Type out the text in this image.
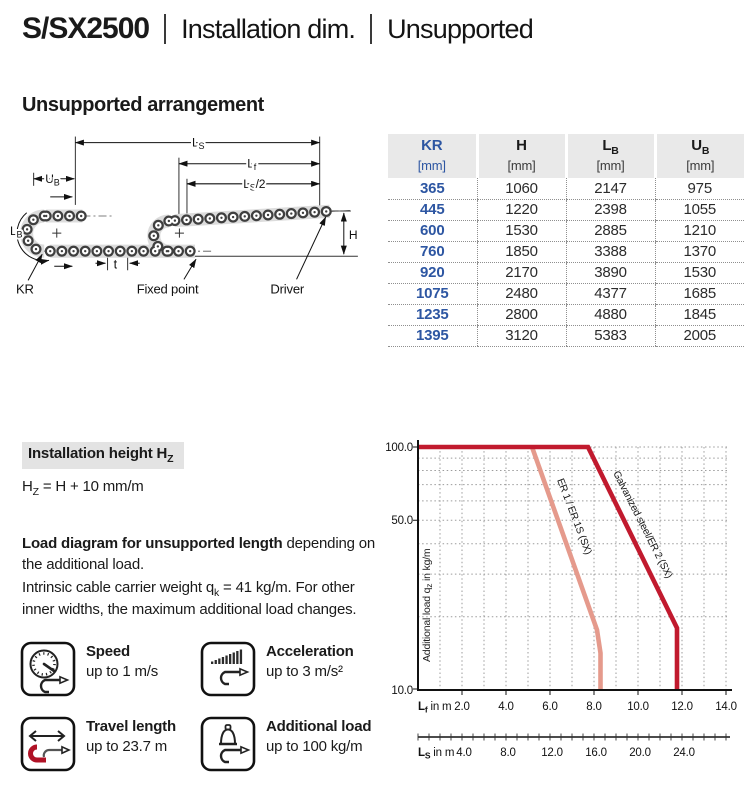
S/SX2500 Installation dim. Unsupported
Unsupported arrangement
$L_S$
$L_f$
$L_S/2$
$U_B$
$L_B$	H
KR
t
Fixed point	Driver
KR
[mm]

H
[mm]

$L_B$
[mm]

$U_B$
[mm]

365	1060	2147	975
445	1220	2398	1055
600	1530	2885	1210
760	1850	3388	1370
920	2170	3890	1530
1075	2480	4377	1685
1235	2800	4880	1845
1395	3120	5383	2005
Installation height $H_Z$
$H_Z = H + 10$ mm/m
Load diagram for unsupported length depending on the additional load.
Intrinsic cable carrier weight $q_k = 41$ kg/m. For other inner widths, the maximum additional load changes.
Speed
up to 1 m/s
Acceleration
up to 3 m/s²
Travel length
up to 23.7 m
Additional load
up to 100 kg/m
100.0
50.0
10.0
$L_f$ in m 2.0 4.0 6.0 8.0 10.0 12.0 14.0
$L_S$ in m 4.0 8.0 12.0 16.0 20.0 24.0
Additional load qz in kg/m
ER 1 / ER 1S (SX) Galvanized steel/ER 2 (SX)
